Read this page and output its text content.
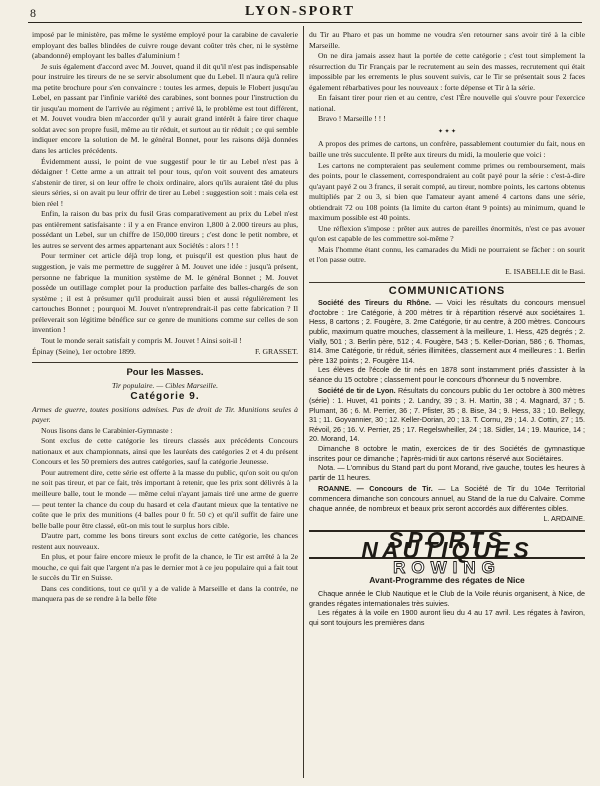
8	LYON-SPORT

imposé par le ministère, pas même le système employé pour la carabine de cavalerie employant des balles blindées de cuivre rouge devant coûter très cher, ni le système (abandonné) employant les balles d'aluminium !

Je suis également d'accord avec M. Jouvet, quand il dit qu'il n'est pas indispensable pour instruire les tireurs de ne se servir absolument que du Lebel. Il n'aura qu'à relire ma petite brochure pour s'en convaincre : toutes les armes, depuis le Flobert jusqu'au Lebel, en passant par l'infinie variété des carabines, sont bonnes pour l'instruction du tir jusqu'au moment de l'arrivée au régiment ; arrivé là, le problème est tout différent, et M. Jouvet voudra bien m'accorder qu'il y aurait grand intérêt à faire tirer chaque soldat avec son propre fusil, même au tir réduit, et surtout au tir réduit ; ce qui semble indiquer encore la solution de M. le général Bonnet, pour les raisons déjà données dans les articles précédents.

Évidemment aussi, le point de vue suggestif pour le tir au Lebel n'est pas à dédaigner ! Cette arme a un attrait tel pour tous, qu'on voit souvent des amateurs s'abstenir de tirer, si on leur offre le choix ordinaire, alors qu'ils auraient tâté du plus sieurs séries, si on avait pu leur offrir de tirer au Lebel : suggestion soit : mais cela est bien réel !

Enfin, la raison du bas prix du fusil Gras comparativement au prix du Lebel n'est pas entièrement satisfaisante : il y a en France environ 1,800 à 2.000 tireurs au plus, possédant un Lebel, sur un chiffre de 150,000 tireurs ; c'est donc le petit nombre, et les autres se servent des armes appartenant aux Sociétés : alors ! ! !

Pour terminer cet article déjà trop long, et puisqu'il est question plus haut de suggestion, je vais me permettre de suggérer à M. Jouvet une idée : jusqu'à présent, personne ne fabrique la munition système de M. le général Bonnet ; M. Jouvet possède un outillage complet pour la production parfaite des balles-chargés de son système ; il est à présumer qu'il produirait aussi bien et aussi régulièrement les cartouches Bonnet ; pourquoi M. Jouvet n'entreprendrait-il pas cette fabrication ? Il préleverait son légitime bénéfice sur ce genre de munitions comme sur celles de son invention !

Tout le monde serait satisfait y compris M. Jouvet ! Ainsi soit-il !

Épinay (Seine), 1er octobre 1899.	F. GRASSET.
Pour les Masses.
Tir populaire. — Cibles Marseille.
Catégorie 9.

Armes de guerre, toutes positions admises. Pas de droit de Tir. Munitions seules à payer.

Nous lisons dans le Carabinier-Gymnaste :

Sont exclus de cette catégorie les tireurs classés aux précédents Concours nationaux et aux championnats, ainsi que les lauréats des catégories 2 et 4 du présent Concours et les 50 premiers des autres catégories, sauf la catégorie Jeunesse.

Pour autrement dire, cette série est offerte à la masse du public, qu'on soit ou qu'on ne soit pas tireur, et par ce fait, très important à retenir, que les prix sont délivrés à la meilleure balle, tout le monde — même celui n'ayant jamais tiré une arme de guerre — peut tenter la chance du coup du hasard et cela d'autant mieux que la tentative ne coûte que le prix des munitions (4 balles pour 0 fr. 50 c) et qu'il suffit de faire une belle balle pour être classé, eût-on mis tout le surplus hors cible.

D'autre part, comme les bons tireurs sont exclus de cette catégorie, les chances restent aux nouveaux.

En plus, et pour faire encore mieux le profit de la chance, le Tir est arrêté à la 2e mouche, ce qui fait que l'argent n'a pas le dernier mot à ce jeu populaire qui a fait tout le succès du Tir en Suisse.

Dans ces conditions, tout ce qu'il y a de valide à Marseille et dans la contrée, ne manquera pas de se rendre à la belle fête

du Tir au Pharo et pas un homme ne voudra s'en retourner sans avoir tiré à la cible Marseille.

On ne dira jamais assez haut la portée de cette catégorie ; c'est tout simplement la résurrection du Tir Français par le recrutement au sein des masses, recrutement qui était impossible par les errements le plus souvent suivis, car le Tir se présentait sous 2 faces également rébarbatives pour les nouveaux : forte dépense et Tir à la série.

En faisant tirer pour rien et au centre, c'est l'Ère nouvelle qui s'ouvre pour l'exercice national.

Bravo ! Marseille ! ! !

✦ ✦ ✦

A propos des primes de cartons, un confrère, passablement coutumier du fait, nous en baille une très succulente. Il prête aux tireurs du midi, la moulerie que voici :

Les cartons ne compteraient pas seulement comme primes ou remboursement, mais des points, pour le classement, correspondraient au coût payé pour la série : c'est-à-dire qu'ayant payé 2 ou 3 francs, il serait compté, au tireur, nombre points, les cartons obtenus multipliés par 2 ou 3, si bien que l'amateur ayant amené 4 cartons dans une série, obtiendrait 72 ou 108 points (la limite du carton étant 9 points) au minimum, quand le maximum possible est 40 points.

Une réflexion s'impose : prêter aux autres de pareilles énormités, n'est ce pas avouer qu'on est capable de les commettre soi-même ?

Mais l'homme étant connu, les camarades du Midi ne pourraient se fâcher : on sourit et l'on passe outre.

E. ISABELLE dit le Basi.
COMMUNICATIONS

Société des Tireurs du Rhône. — Voici les résultats du concours mensuel d'octobre : 1re Catégorie, à 200 mètres tir à répartition réservé aux sociétaires 1. Hess, 8 cartons ; 2. Fougère, 3. 2me Catégorie, tir au centre, à 200 mètres. Concours public, maximum quatre mouches, classement à la meilleure, 1. Hess, 425 degrés ; 2. Vially, 501 ; 3. Berlin père, 512 ; 4. Fougère, 543 ; 5. Keller-Dorian, 586 ; 6. Thomas, 814. 3me Catégorie, tir réduit, séries illimitées, classement aux 4 meilleures : 1. Berlin père 132 points ; 2. Fougère 114.

Les élèves de l'école de tir nés en 1878 sont instamment priés d'assister à la séance du 15 octobre ; classement pour le concours d'honneur du 5 novembre.

Société de tir de Lyon. Résultats du concours public du 1er octobre à 300 mètres (série) : 1. Huvet, 41 points ; 2. Landry, 39 ; 3. H. Martin, 38 ; 4. Magnard, 37 ; 5. Plumant, 36 ; 6. M. Perrier, 36 ; 7. Pfister, 35 ; 8. Bise, 34 ; 9. Hess, 33 ; 10. Bellegy, 31 ; 11. Goyvannier, 30 ; 12. Keller-Dorian, 20 ; 13. T. Cornu, 29 ; 14. J. Cottin, 27 ; 15. Révoil, 26 ; 16. V. Perrier, 25 ; 17. Regelswheiller, 24 ; 18. Sidler, 14 ; 19. Maurice, 14 ; 20. Morand, 14.

Dimanche 8 octobre le matin, exercices de tir des Sociétés de gymnastique inscrites pour ce dimanche ; l'après-midi tir aux cartons réservé aux Sociétaires.

Nota. — L'omnibus du Stand part du pont Morand, rive gauche, toutes les heures à partir de 11 heures.

ROANNE. — Concours de Tir. — La Société de Tir du 104e Territorial commencera dimanche son concours annuel, au Stand de la rue du Calvaire. Comme chaque année, de nombreux et beaux prix seront accordés aux différentes cibles.

L. ARDAINE.
SPORTS NAUTIQUES
ROWING
Avant-Programme des régates de Nice

Chaque année le Club Nautique et le Club de la Voile réunis organisent, à Nice, de grandes régates internationales très suivies.

Les régates à la voile en 1900 auront lieu du 4 au 17 avril. Les régates à l'aviron, qui sont toujours les premières dans
